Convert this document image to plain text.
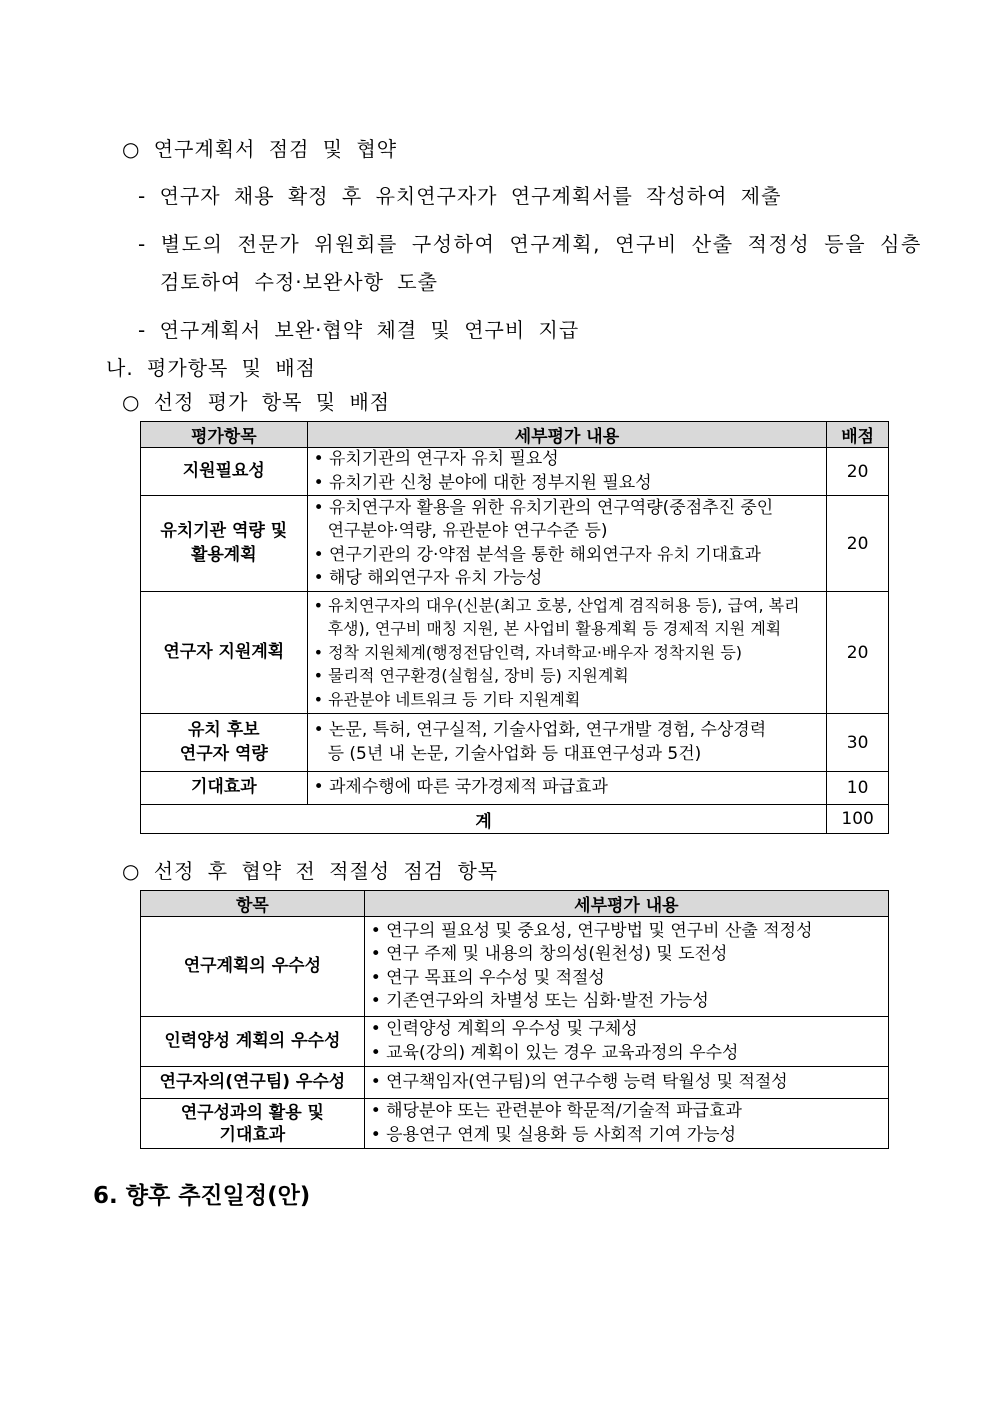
○ 연구계획서 점검 및 협약
- 연구자 채용 확정 후 유치연구자가 연구계획서를 작성하여 제출
- 별도의 전문가 위원회를 구성하여 연구계획, 연구비 산출 적정성 등을 심층
검토하여 수정·보완사항 도출
- 연구계획서 보완·협약 체결 및 연구비 지급
나. 평가항목 및 배점
○ 선정 평가 항목 및 배점
평가항목	세부평가 내용	배점

지원필요성	• 유치기관의 연구자 유치 필요성
• 유치기관 신청 분야에 대한 정부지원 필요성	20

유치기관 역량 및
활용계획	• 유치연구자 활용을 위한 유치기관의 연구역량(중점추진 중인
연구분야·역량, 유관분야 연구수준 등)
• 연구기관의 강·약점 분석을 통한 해외연구자 유치 기대효과
• 해당 해외연구자 유치 가능성	20

연구자 지원계획	• 유치연구자의 대우(신분(최고 호봉, 산업계 겸직허용 등), 급여, 복리
후생), 연구비 매칭 지원, 본 사업비 활용계획 등 경제적 지원 계획
• 정착 지원체계(행정전담인력, 자녀학교·배우자 정착지원 등)
• 물리적 연구환경(실험실, 장비 등) 지원계획
• 유관분야 네트워크 등 기타 지원계획	20

유치 후보
연구자 역량	• 논문, 특허, 연구실적, 기술사업화, 연구개발 경험, 수상경력
등 (5년 내 논문, 기술사업화 등 대표연구성과 5건)	30

기대효과	• 과제수행에 따른 국가경제적 파급효과	10
계		100
○ 선정 후 협약 전 적절성 점검 항목
항목	세부평가 내용

연구계획의 우수성	• 연구의 필요성 및 중요성, 연구방법 및 연구비 산출 적정성
• 연구 주제 및 내용의 창의성(원천성) 및 도전성
• 연구 목표의 우수성 및 적절성
• 기존연구와의 차별성 또는 심화·발전 가능성

인력양성 계획의 우수성	• 인력양성 계획의 우수성 및 구체성
• 교육(강의) 계획이 있는 경우 교육과정의 우수성

연구자의(연구팀) 우수성	• 연구책임자(연구팀)의 연구수행 능력 탁월성 및 적절성

연구성과의 활용 및
기대효과	• 해당분야 또는 관련분야 학문적/기술적 파급효과
• 응용연구 연계 및 실용화 등 사회적 기여 가능성
6. 향후 추진일정(안)
